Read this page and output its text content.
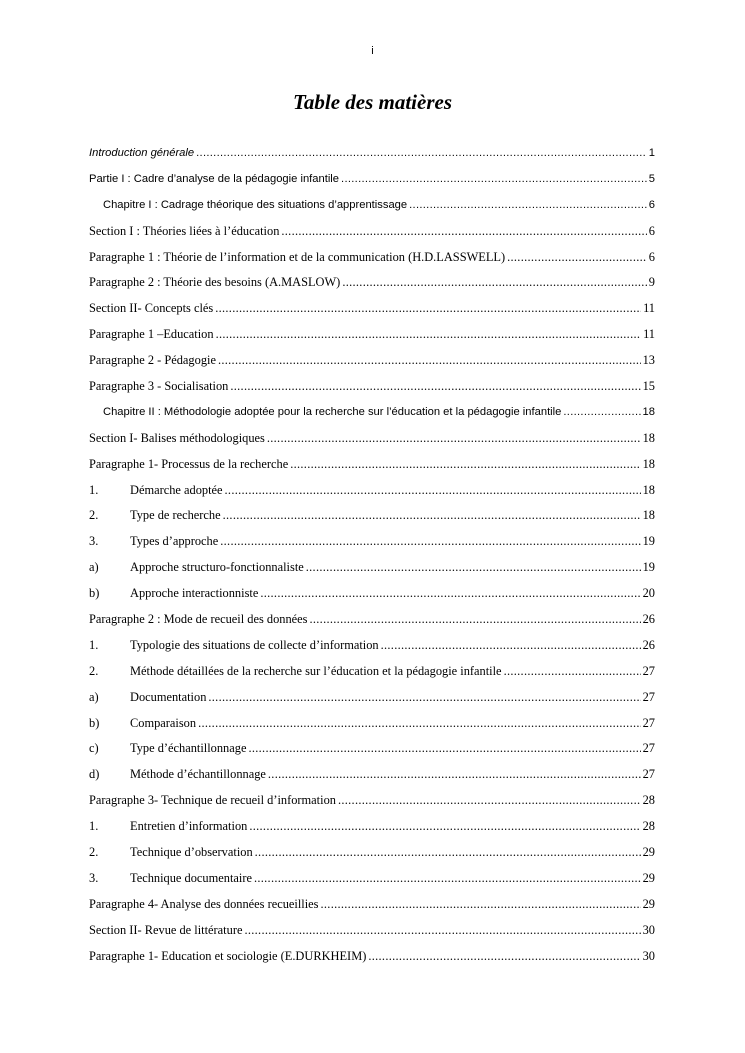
i
Table des matières
Introduction générale .....	1
Partie I : Cadre d’analyse de la pédagogie infantile .....	5
Chapitre I : Cadrage théorique des situations d’apprentissage .....	6
Section I : Théories liées à l’éducation .....	6
Paragraphe 1 : Théorie de l’information et de la communication (H.D.LASSWELL) .....	6
Paragraphe 2 : Théorie des besoins (A.MASLOW) .....	9
Section II- Concepts clés .....	11
Paragraphe 1 –Education .....	11
Paragraphe 2 - Pédagogie .....	13
Paragraphe 3 - Socialisation .....	15
Chapitre II : Méthodologie adoptée pour la recherche sur l’éducation et la pédagogie infantile .....	18
Section I- Balises méthodologiques .....	18
Paragraphe 1- Processus de la recherche .....	18
1.	Démarche adoptée .....	18
2.	Type de recherche .....	18
3.	Types d’approche .....	19
a)	Approche structuro-fonctionnaliste .....	19
b)	Approche interactionniste .....	20
Paragraphe 2 : Mode de recueil des données .....	26
1.	Typologie des situations de collecte d’information .....	26
2.	Méthode détaillées de la recherche sur l’éducation et la pédagogie infantile .....	27
a)	Documentation .....	27
b)	Comparaison .....	27
c)	Type d’échantillonnage .....	27
d)	Méthode d’échantillonnage .....	27
Paragraphe 3- Technique de recueil d’information .....	28
1.	Entretien d’information .....	28
2.	Technique d’observation .....	29
3.	Technique documentaire .....	29
Paragraphe 4- Analyse des données recueillies .....	29
Section II- Revue de littérature .....	30
Paragraphe 1- Education et sociologie (E.DURKHEIM) .....	30
